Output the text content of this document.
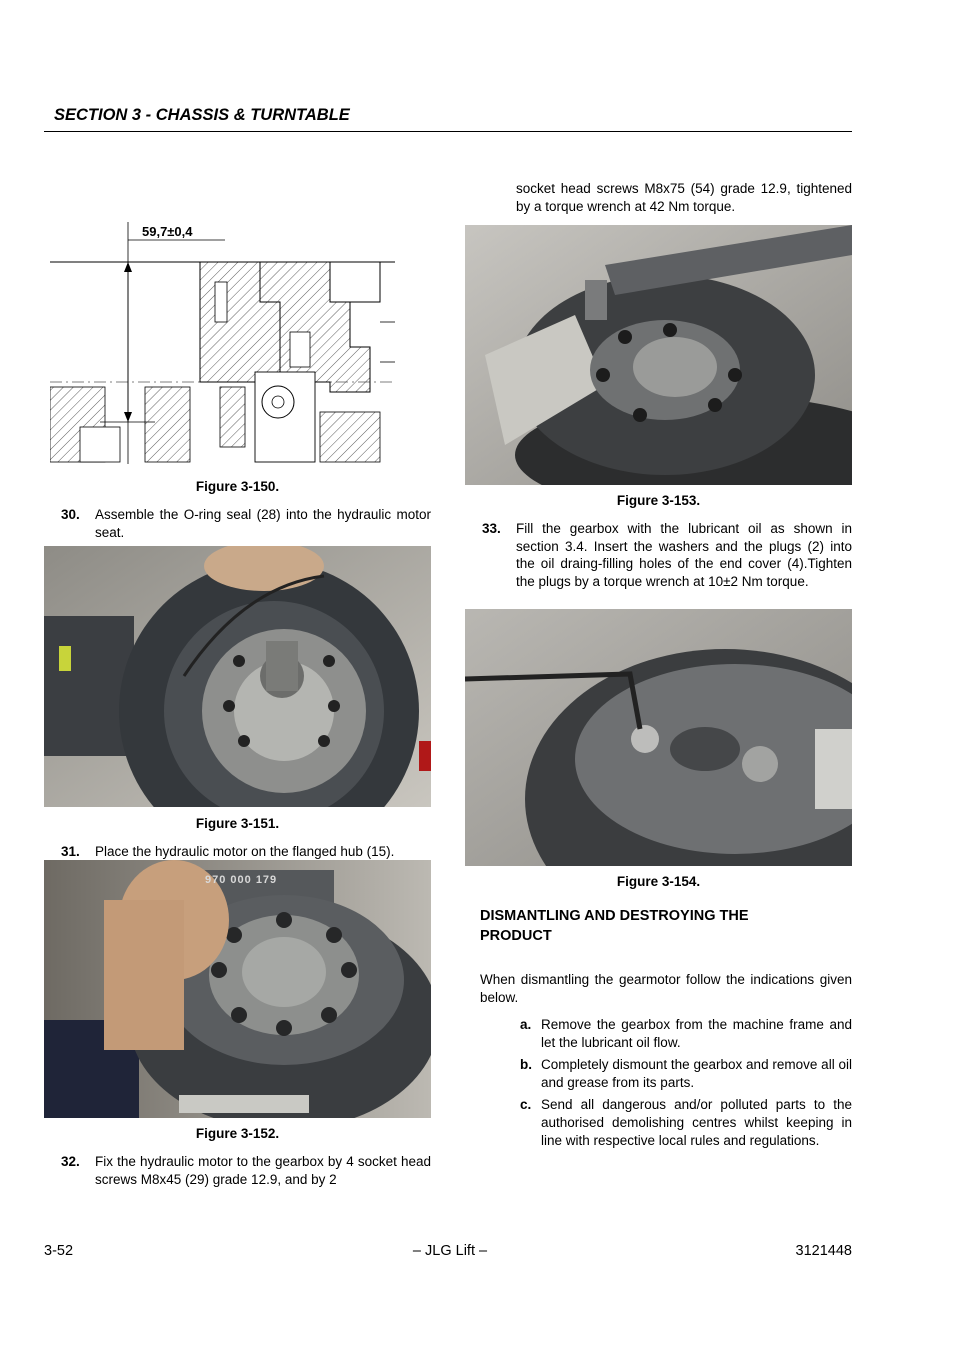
SECTION 3 - CHASSIS & TURNTABLE
59,7±0,4
Figure 3-150.
30. Assemble the O-ring seal (28) into the hydraulic motor seat.
Figure 3-151.
31. Place the hydraulic motor on the flanged hub (15).
970 000 179
Figure 3-152.
32. Fix the hydraulic motor to the gearbox by 4 socket head screws M8x45 (29) grade 12.9, and by 2
socket head screws M8x75 (54) grade 12.9, tightened by a torque wrench at 42 Nm torque.
Figure 3-153.
33. Fill the gearbox with the lubricant oil as shown in section 3.4. Insert the washers and the plugs (2) into the oil draing-filling holes of the end cover (4).Tighten the plugs by a torque wrench at 10±2 Nm torque.
Figure 3-154.
DISMANTLING AND DESTROYING THE PRODUCT
When dismantling the gearmotor follow the indications given below.
a. Remove the gearbox from the machine frame and let the lubricant oil flow.
b. Completely dismount the gearbox and remove all oil and grease from its parts.
c. Send all dangerous and/or polluted parts to the authorised demolishing centres whilst keeping in line with respective local rules and regulations.
3-52	– JLG Lift –	3121448
